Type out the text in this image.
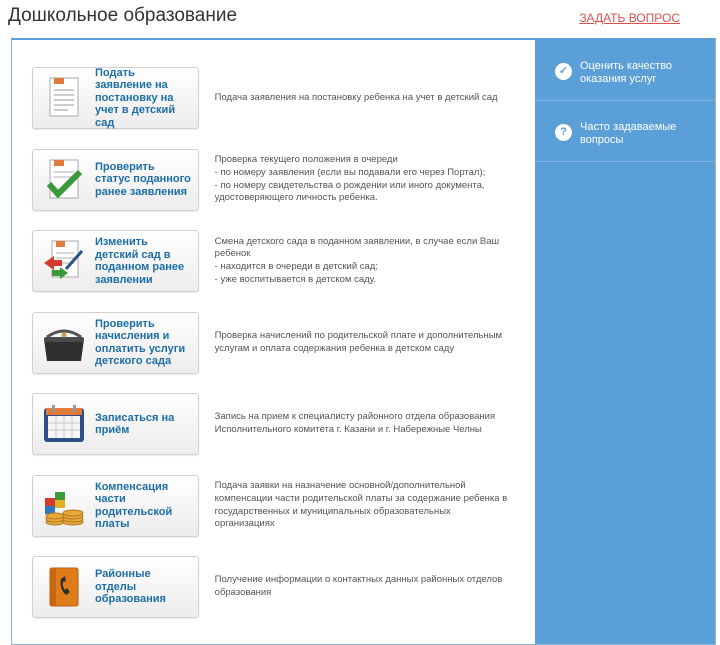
Дошкольное образование	ЗАДАТЬ ВОПРОС
Подать заявление на постановку на учет в детский сад
Подача заявления на постановку ребенка на учет в детский сад
Проверить статус поданного ранее заявления
Проверка текущего положения в очереди
- по номеру заявления (если вы подавали его через Портал);
- по номеру свидетельства о рождении или иного документа, удостоверяющего личность ребенка.
Изменить детский сад в поданном ранее заявлении
Смена детского сада в поданном заявлении, в случае если Ваш ребенок
- находится в очереди в детский сад;
- уже воспитывается в детском саду.
Проверить начисления и оплатить услуги детского сада
Проверка начислений по родительской плате и дополнительным услугам и оплата содержания ребенка в детском саду
Записаться на приём
Запись на прием к специалисту районного отдела образования Исполнительного комитета г. Казани и г. Набережные Челны
Компенсация части родительской платы
Подача заявки на назначение основной/дополнительной компенсации части родительской платы за содержание ребенка в государственных и муниципальных образовательных организациях
Районные отделы образования
Получение информации о контактных данных районных отделов образования
✓	Оценить качество оказания услуг
?	Часто задаваемые вопросы
